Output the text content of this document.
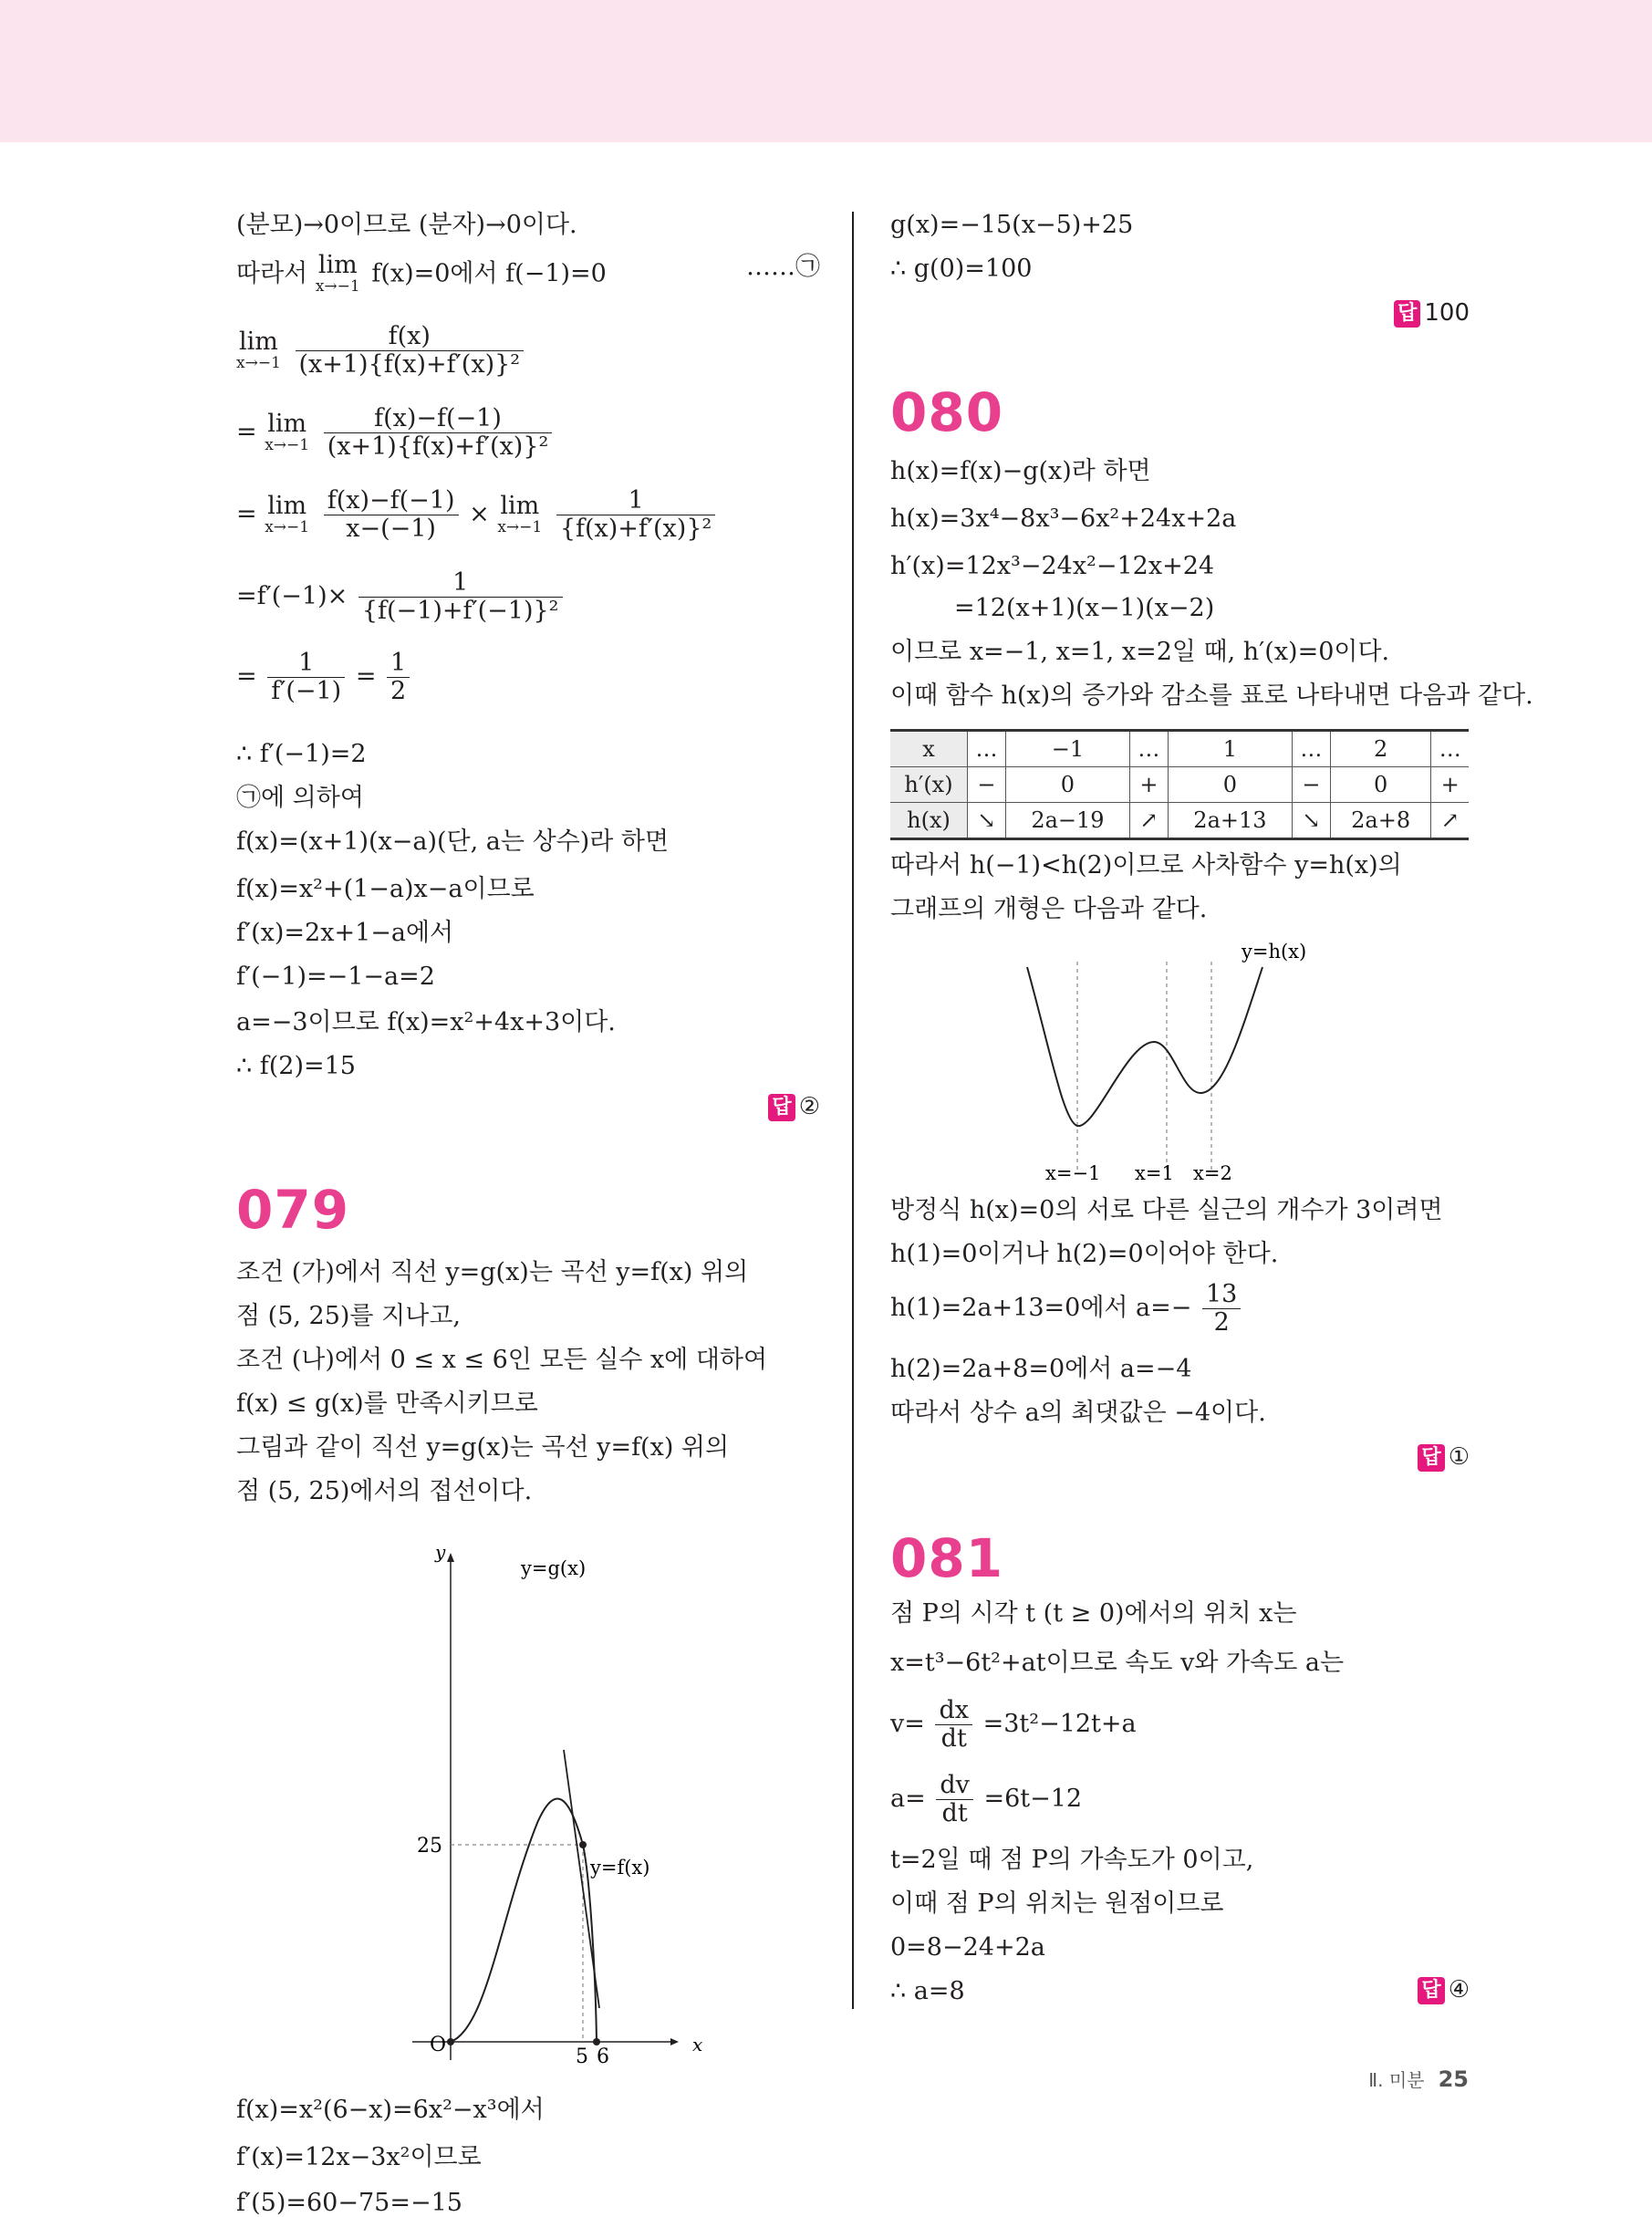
(분모)→0이므로 (분자)→0이다.
따라서 lim
x→−1 f(x)=0에서 f(−1)=0	……㉠
lim
x→−1
$\frac{f(x)}{\text{(x+1)\{f(x)+f′(x)\}²}}$
= lim
x→−1
$\frac{f(x)-f(-1)}{\text{(x+1)\{f(x)+f′(x)\}²}}$
= lim
x→−1
$\frac{f(x)-f(-1)}{x-(-1)} \times \lim$
x→−1
$\frac{1}{\text{\{f(x)+f′(x)\}²}}$
$=f'(-1)\times \frac{1}{\text{\{f(−1)+f′(−1)\}²}}$
= $\frac{1}{f'(-1)} = \frac{1}{2}$
∴ f′(−1)=2
㉠에 의하여
f(x)=(x+1)(x−a)(단, a는 상수)라 하면
f(x)=x²+(1−a)x−a이므로
f′(x)=2x+1−a에서
f′(−1)=−1−a=2
a=−3이므로 f(x)=x²+4x+3이다.
∴ f(2)=15
답 ②
079
조건 (가)에서 직선 y=g(x)는 곡선 y=f(x) 위의
점 (5, 25)를 지나고,
조건 (나)에서 0 ≤ x ≤ 6인 모든 실수 x에 대하여
f(x) ≤ g(x)를 만족시키므로
그림과 같이 직선 y=g(x)는 곡선 y=f(x) 위의
점 (5, 25)에서의 접선이다.
y
x
O
25
5 6
y=g(x)
y=f(x)
f(x)=x²(6−x)=6x²−x³에서
f′(x)=12x−3x²이므로
f′(5)=60−75=−15
g(x)=−15(x−5)+25
∴ g(0)=100
답 100
080
h(x)=f(x)−g(x)라 하면
h(x)=3x⁴−8x³−6x²+24x+2a
h′(x)=12x³−24x²−12x+24
=12(x+1)(x−1)(x−2)
이므로 x=−1, x=1, x=2일 때, h′(x)=0이다.
이때 함수 h(x)의 증가와 감소를 표로 나타내면 다음과 같다.
x	…	−1	…	1	…	2	…
h′(x)	−	0	+	0	−	0	+
h(x)	↘	2a−19	↗	2a+13	↘	2a+8	↗
따라서 h(−1)<h(2)이므로 사차함수 y=h(x)의
그래프의 개형은 다음과 같다.
y=h(x)
x=−1 x=1 x=2
방정식 h(x)=0의 서로 다른 실근의 개수가 3이려면
h(1)=0이거나 h(2)=0이어야 한다.
h(1)=2a+13=0에서 $a=- \frac{13}{2}$
h(2)=2a+8=0에서 a=−4
따라서 상수 a의 최댓값은 −4이다.
답 ①
081
점 P의 시각 t (t ≥ 0)에서의 위치 x는
x=t³−6t²+at이므로 속도 v와 가속도 a는
$v= \frac{dx}{dt} =3t^2-12t+a$
$a= \frac{dv}{dt} =6t-12$
t=2일 때 점 P의 가속도가 0이고,
이때 점 P의 위치는 원점이므로
0=8−24+2a
∴ a=8	답 ④
Ⅱ. 미분 25
